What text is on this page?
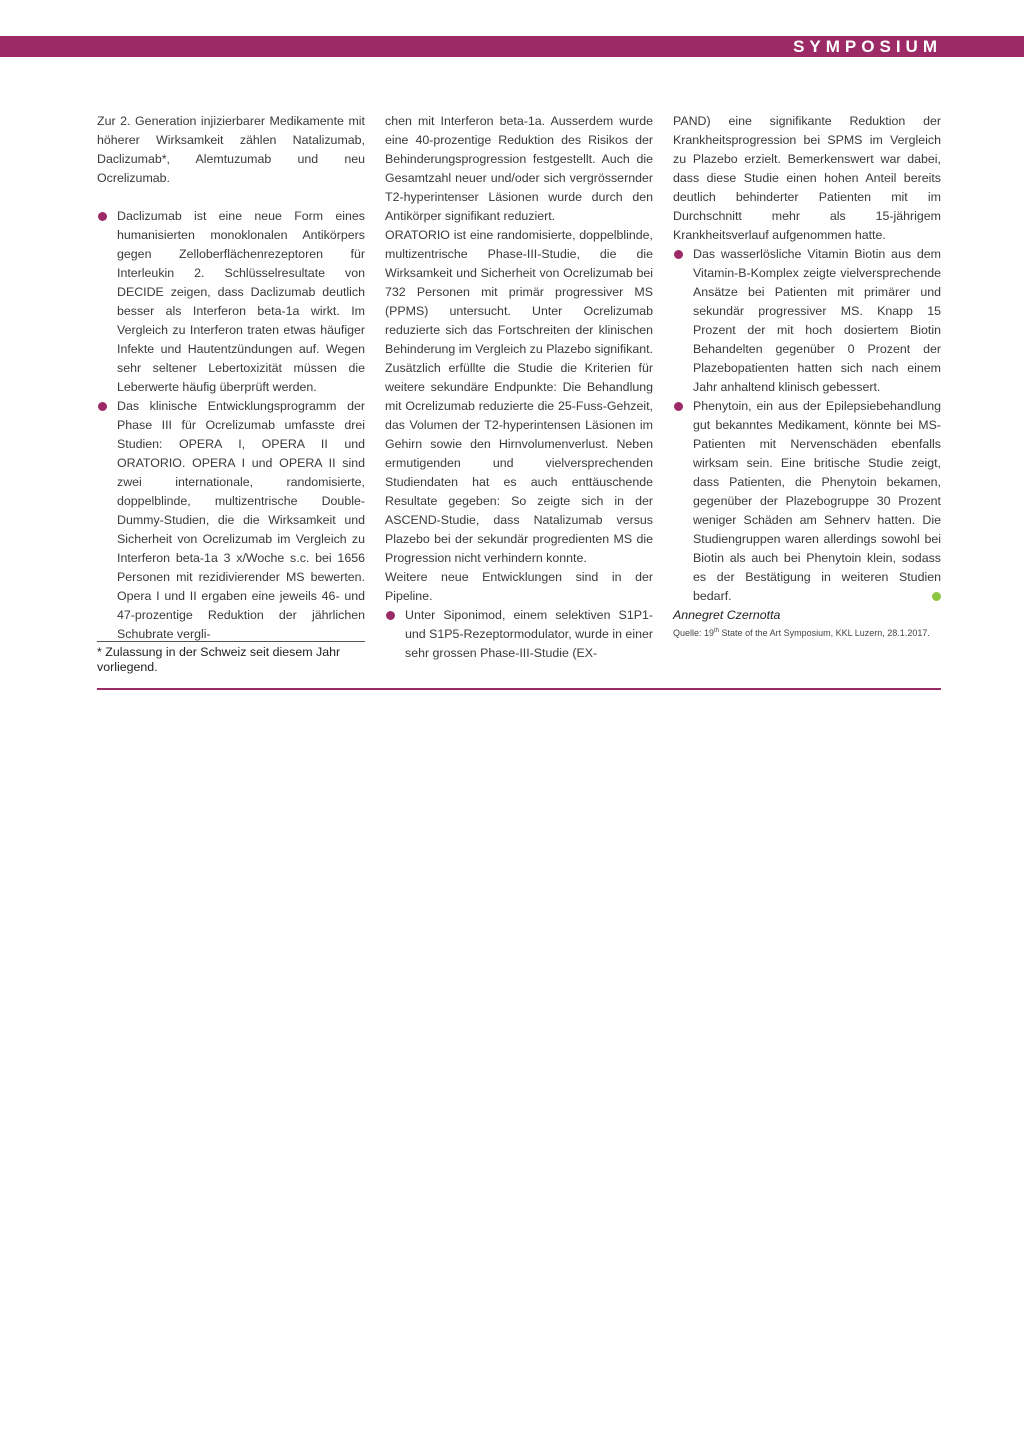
SYMPOSIUM

Zur 2. Generation injizierbarer Medikamente mit höherer Wirksamkeit zählen Natalizumab, Daclizumab*, Alemtuzumab und neu Ocrelizumab.

Daclizumab ist eine neue Form eines humanisierten monoklonalen Antikörpers gegen Zelloberflächenrezeptoren für Interleukin 2. Schlüsselresultate von DECIDE zeigen, dass Daclizumab deutlich besser als Interferon beta-1a wirkt. Im Vergleich zu Interferon traten etwas häufiger Infekte und Hautentzündungen auf. Wegen sehr seltener Lebertoxizität müssen die Leberwerte häufig überprüft werden.

Das klinische Entwicklungsprogramm der Phase III für Ocrelizumab umfasste drei Studien: OPERA I, OPERA II und ORATORIO. OPERA I und OPERA II sind zwei internationale, randomisierte, doppelblinde, multizentrische Double-Dummy-Studien, die die Wirksamkeit und Sicherheit von Ocrelizumab im Vergleich zu Interferon beta-1a 3 x/Woche s.c. bei 1656 Personen mit rezidivierender MS bewerten. Opera I und II ergaben eine jeweils 46- und 47-prozentige Reduktion der jährlichen Schubrate vergli-

* Zulassung in der Schweiz seit diesem Jahr vorliegend.

chen mit Interferon beta-1a. Ausserdem wurde eine 40-prozentige Reduktion des Risikos der Behinderungsprogression festgestellt. Auch die Gesamtzahl neuer und/oder sich vergrössernder T2-hyperintenser Läsionen wurde durch den Antikörper signifikant reduziert.

ORATORIO ist eine randomisierte, doppelblinde, multizentrische Phase-III-Studie, die die Wirksamkeit und Sicherheit von Ocrelizumab bei 732 Personen mit primär progressiver MS (PPMS) untersucht. Unter Ocrelizumab reduzierte sich das Fortschreiten der klinischen Behinderung im Vergleich zu Plazebo signifikant. Zusätzlich erfüllte die Studie die Kriterien für weitere sekundäre Endpunkte: Die Behandlung mit Ocrelizumab reduzierte die 25-Fuss-Gehzeit, das Volumen der T2-hyperintensen Läsionen im Gehirn sowie den Hirnvolumenverlust. Neben ermutigenden und vielversprechenden Studiendaten hat es auch enttäuschende Resultate gegeben: So zeigte sich in der ASCEND-Studie, dass Natalizumab versus Plazebo bei der sekundär progredienten MS die Progression nicht verhindern konnte.

Weitere neue Entwicklungen sind in der Pipeline.

Unter Siponimod, einem selektiven S1P1- und S1P5-Rezeptormodulator, wurde in einer sehr grossen Phase-III-Studie (EX-

PAND) eine signifikante Reduktion der Krankheitsprogression bei SPMS im Vergleich zu Plazebo erzielt. Bemerkenswert war dabei, dass diese Studie einen hohen Anteil bereits deutlich behinderter Patienten mit im Durchschnitt mehr als 15-jährigem Krankheitsverlauf aufgenommen hatte.

Das wasserlösliche Vitamin Biotin aus dem Vitamin-B-Komplex zeigte vielversprechende Ansätze bei Patienten mit primärer und sekundär progressiver MS. Knapp 15 Prozent der mit hoch dosiertem Biotin Behandelten gegenüber 0 Prozent der Plazebopatienten hatten sich nach einem Jahr anhaltend klinisch gebessert.

Phenytoin, ein aus der Epilepsiebehandlung gut bekanntes Medikament, könnte bei MS-Patienten mit Nervenschäden ebenfalls wirksam sein. Eine britische Studie zeigt, dass Patienten, die Phenytoin bekamen, gegenüber der Plazebogruppe 30 Prozent weniger Schäden am Sehnerv hatten. Die Studiengruppen waren allerdings sowohl bei Biotin als auch bei Phenytoin klein, sodass es der Bestätigung in weiteren Studien bedarf.

Annegret Czernotta

Quelle: 19th State of the Art Symposium, KKL Luzern, 28.1.2017.
